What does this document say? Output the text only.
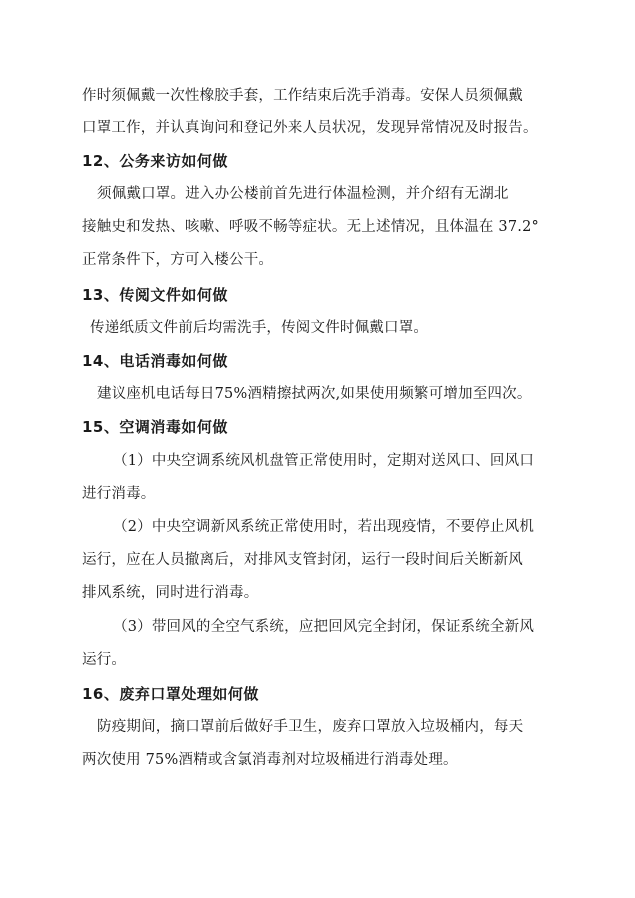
作时须佩戴一次性橡胶手套，工作结束后洗手消毒。安保人员须佩戴
口罩工作，并认真询问和登记外来人员状况，发现异常情况及时报告。
12、公务来访如何做
须佩戴口罩。进入办公楼前首先进行体温检测，并介绍有无湖北
接触史和发热、咳嗽、呼吸不畅等症状。无上述情况，且体温在 37.2°
正常条件下，方可入楼公干。
13、传阅文件如何做
传递纸质文件前后均需洗手，传阅文件时佩戴口罩。
14、电话消毒如何做
建议座机电话每日75%酒精擦拭两次,如果使用频繁可增加至四次。
15、空调消毒如何做
（1）中央空调系统风机盘管正常使用时，定期对送风口、回风口
进行消毒。
（2）中央空调新风系统正常使用时，若出现疫情，不要停止风机
运行，应在人员撤离后，对排风支管封闭，运行一段时间后关断新风
排风系统，同时进行消毒。
（3）带回风的全空气系统，应把回风完全封闭，保证系统全新风
运行。
16、废弃口罩处理如何做
防疫期间，摘口罩前后做好手卫生，废弃口罩放入垃圾桶内，每天
两次使用 75%酒精或含氯消毒剂对垃圾桶进行消毒处理。
